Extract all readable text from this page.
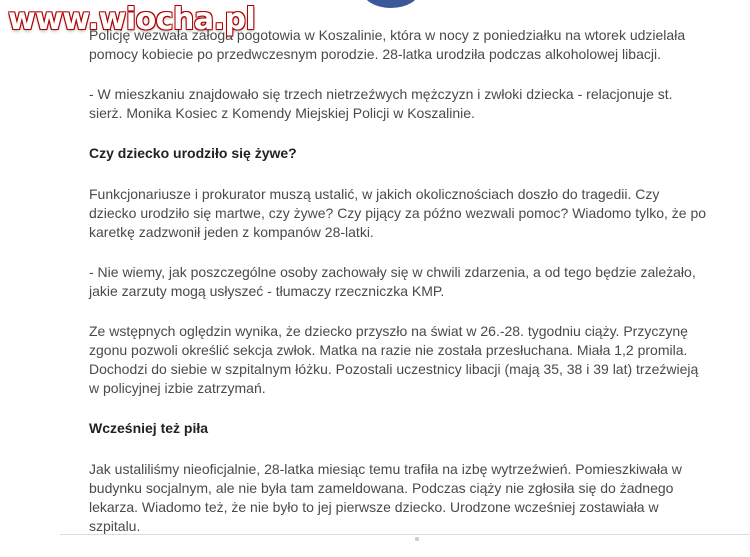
www.wiocha.pl

Policję wezwała załoga pogotowia w Koszalinie, która w nocy z poniedziałku na wtorek udzielała pomocy kobiecie po przedwczesnym porodzie. 28-latka urodziła podczas alkoholowej libacji.

- W mieszkaniu znajdowało się trzech nietrzeźwych mężczyzn i zwłoki dziecka - relacjonuje st. sierż. Monika Kosiec z Komendy Miejskiej Policji w Koszalinie.

Czy dziecko urodziło się żywe?

Funkcjonariusze i prokurator muszą ustalić, w jakich okolicznościach doszło do tragedii. Czy dziecko urodziło się martwe, czy żywe? Czy pijący za późno wezwali pomoc? Wiadomo tylko, że po karetkę zadzwonił jeden z kompanów 28-latki.

- Nie wiemy, jak poszczególne osoby zachowały się w chwili zdarzenia, a od tego będzie zależało, jakie zarzuty mogą usłyszeć - tłumaczy rzeczniczka KMP.

Ze wstępnych oględzin wynika, że dziecko przyszło na świat w 26.-28. tygodniu ciąży. Przyczynę zgonu pozwoli określić sekcja zwłok. Matka na razie nie została przesłuchana. Miała 1,2 promila. Dochodzi do siebie w szpitalnym łóżku. Pozostali uczestnicy libacji (mają 35, 38 i 39 lat) trzeźwieją w policyjnej izbie zatrzymań.

Wcześniej też piła

Jak ustaliliśmy nieoficjalnie, 28-latka miesiąc temu trafiła na izbę wytrzeźwień. Pomieszkiwała w budynku socjalnym, ale nie była tam zameldowana. Podczas ciąży nie zgłosiła się do żadnego lekarza. Wiadomo też, że nie było to jej pierwsze dziecko. Urodzone wcześniej zostawiała w szpitalu.
